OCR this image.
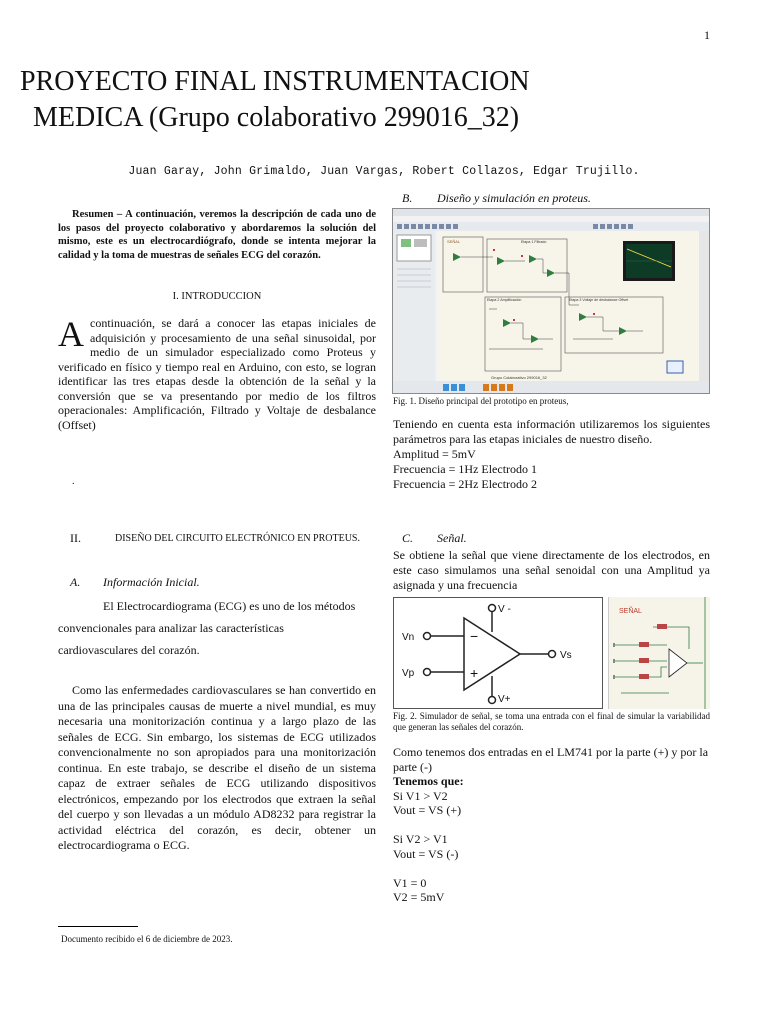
1
PROYECTO FINAL INSTRUMENTACION
MEDICA (Grupo colaborativo 299016_32)
Juan Garay, John Grimaldo, Juan Vargas, Robert Collazos, Edgar Trujillo.
Resumen – A continuación, veremos la descripción de cada uno de los pasos del proyecto colaborativo y abordaremos la solución del mismo, este es un electrocardiógrafo, donde se intenta mejorar la calidad y la toma de muestras de señales ECG del corazón.
I. INTRODUCCION
A continuación, se dará a conocer las etapas iniciales de adquisición y procesamiento de una señal sinusoidal, por medio de un simulador especializado como Proteus y verificado en físico y tiempo real en Arduino, con esto, se logran identificar las tres etapas desde la obtención de la señal y la conversión que se va presentando por medio de los filtros operacionales: Amplificación, Filtrado y Voltaje de desbalance (Offset)
.
II.	DISEÑO DEL CIRCUITO ELECTRÓNICO EN PROTEUS.
A. Información Inicial.
El Electrocardiograma (ECG) es uno de los métodos
convencionales para analizar las características
cardiovasculares del corazón.
Como las enfermedades cardiovasculares se han convertido en una de las principales causas de muerte a nivel mundial, es muy necesaria una monitorización continua y a largo plazo de las señales de ECG. Sin embargo, los sistemas de ECG utilizados convencionalmente no son apropiados para una monitorización continua. En este trabajo, se describe el diseño de un sistema capaz de extraer señales de ECG utilizando dispositivos electrónicos, empezando por los electrodos que extraen la señal del cuerpo y son llevadas a un módulo AD8232 para registrar la actividad eléctrica del corazón, es decir, obtener un electrocardiograma o ECG.
Documento recibido el 6 de diciembre de 2023.
B. Diseño y simulación en proteus.
Etapa 1 Filtrado
Etapa 2 Amplificación	Etapa 3 Voltaje de desbalance Offset
SEÑAL
Grupo Colaborativo 299016_32
Fig. 1. Diseño principal del prototipo en proteus,
Teniendo en cuenta esta información utilizaremos los siguientes parámetros para las etapas iniciales de nuestro diseño.
Amplitud = 5mV
Frecuencia = 1Hz Electrodo 1
Frecuencia = 2Hz Electrodo 2
C. Señal.
Se obtiene la señal que viene directamente de los electrodos, en este caso simulamos una señal senoidal con una Amplitud ya asignada y una frecuencia
V -
Vn
Vp
Vs
V+
−
+
SEÑAL
Fig. 2. Simulador de señal, se toma una entrada con el final de simular la variabilidad que generan las señales del corazón.
Como tenemos dos entradas en el LM741 por la parte (+) y por la parte (-)
Tenemos que:
Si V1 > V2
Vout = VS (+)
Si V2 > V1
Vout = VS (-)
V1 = 0
V2 = 5mV
